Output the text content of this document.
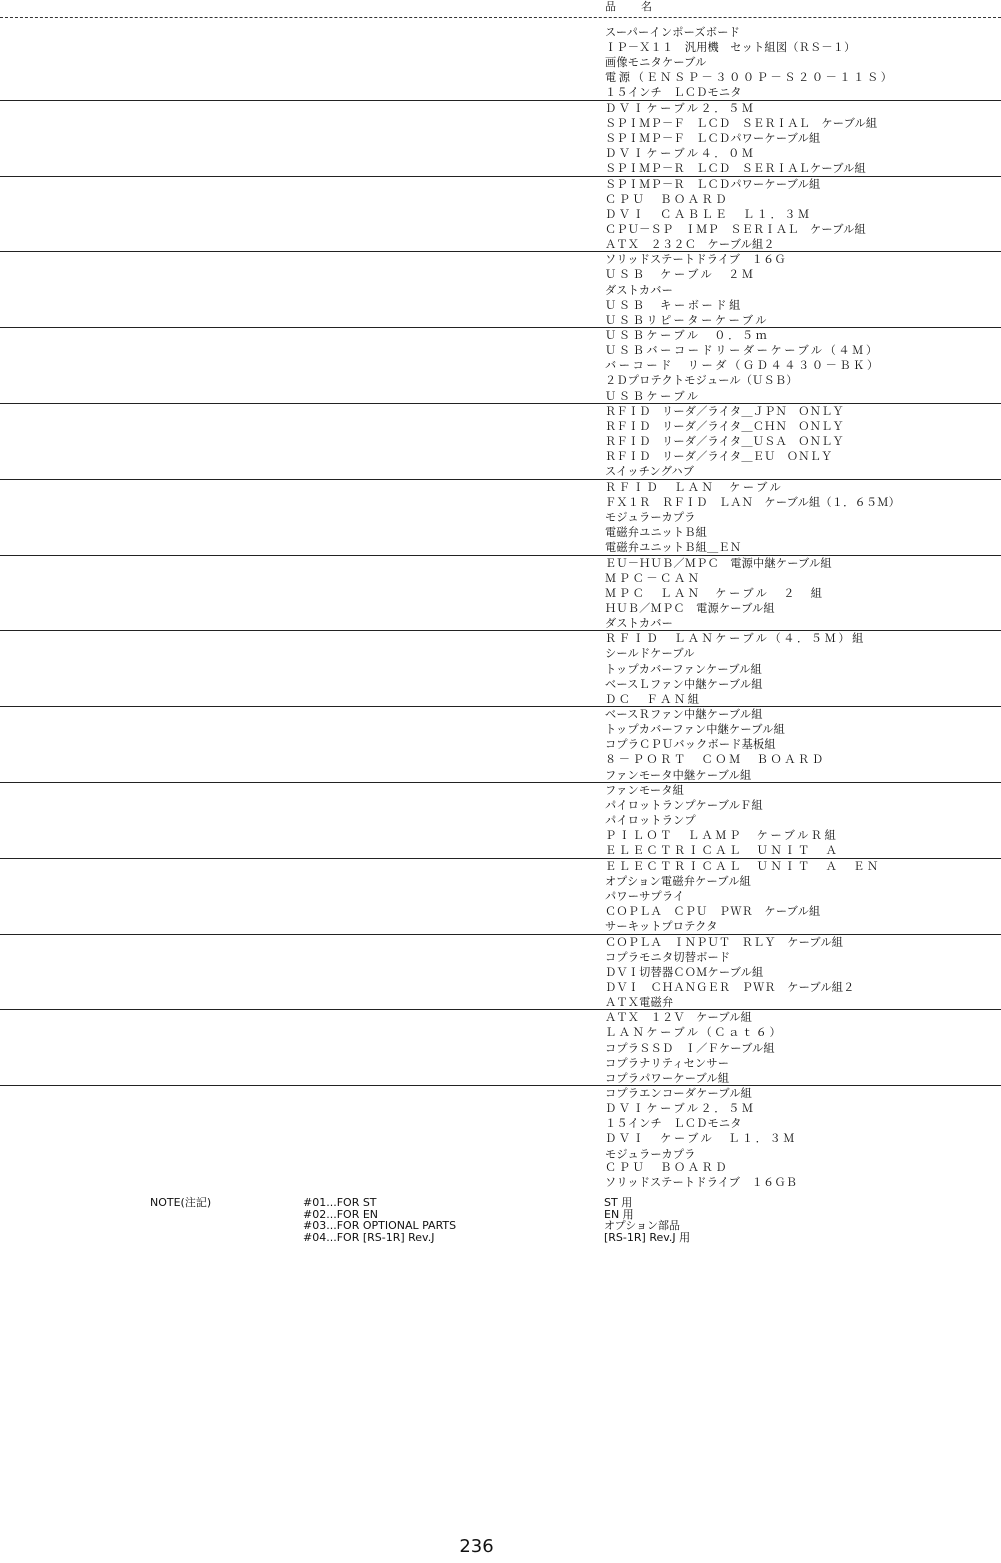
品　名
スーパーインポーズボード
ＩＰ－Ｘ１１　汎用機　セット組図（ＲＳ－１）
画像モニタケーブル
電源（ＥＮＳＰ－３００Ｐ－Ｓ２０－１１Ｓ）
１５インチ　ＬＣＤモニタ
ＤＶＩケーブル２．５Ｍ
ＳＰＩＭＰ－Ｆ　ＬＣＤ　ＳＥＲＩＡＬ　ケーブル組
ＳＰＩＭＰ－Ｆ　ＬＣＤパワーケーブル組
ＤＶＩケーブル４．０Ｍ
ＳＰＩＭＰ－Ｒ　ＬＣＤ　ＳＥＲＩＡＬケーブル組
ＳＰＩＭＰ－Ｒ　ＬＣＤパワーケーブル組
ＣＰＵ　ＢＯＡＲＤ
ＤＶＩ　ＣＡＢＬＥ　Ｌ１．３Ｍ
ＣＰＵ－ＳＰ　ＩＭＰ　ＳＥＲＩＡＬ　ケーブル組
ＡＴＸ　２３２Ｃ　ケーブル組２
ソリッドステートドライブ　１６Ｇ
ＵＳＢ　ケーブル　２Ｍ
ダストカバー
ＵＳＢ　キーボード組
ＵＳＢリピーターケーブル
ＵＳＢケーブル　０．５ｍ
ＵＳＢバーコードリーダーケーブル（４Ｍ）
バーコード　リーダ（ＧＤ４４３０－ＢＫ）
２Ｄプロテクトモジュール（ＵＳＢ）
ＵＳＢケーブル
ＲＦＩＤ　リーダ／ライタ＿ＪＰＮ　ＯＮＬＹ
ＲＦＩＤ　リーダ／ライタ＿ＣＨＮ　ＯＮＬＹ
ＲＦＩＤ　リーダ／ライタ＿ＵＳＡ　ＯＮＬＹ
ＲＦＩＤ　リーダ／ライタ＿ＥＵ　ＯＮＬＹ
スイッチングハブ
ＲＦＩＤ　ＬＡＮ　ケーブル
ＦＸ１Ｒ　ＲＦＩＤ　ＬＡＮ　ケーブル組（１．６５Ｍ）
モジュラーカプラ
電磁弁ユニットＢ組
電磁弁ユニットＢ組＿ＥＮ
ＥＵ－ＨＵＢ／ＭＰＣ　電源中継ケーブル組
ＭＰＣ－ＣＡＮ
ＭＰＣ　ＬＡＮ　ケーブル　２　組
ＨＵＢ／ＭＰＣ　電源ケーブル組
ダストカバー
ＲＦＩＤ　ＬＡＮケーブル（４．５Ｍ）組
シールドケーブル
トップカバーファンケーブル組
ベースＬファン中継ケーブル組
ＤＣ　ＦＡＮ組
ベースＲファン中継ケーブル組
トップカバーファン中継ケーブル組
コプラＣＰＵバックボード基板組
８－ＰＯＲＴ　ＣＯＭ　ＢＯＡＲＤ
ファンモータ中継ケーブル組
ファンモータ組
パイロットランプケーブルＦ組
パイロットランプ
ＰＩＬＯＴ　ＬＡＭＰ　ケーブルＲ組
ＥＬＥＣＴＲＩＣＡＬ　ＵＮＩＴ　Ａ
ＥＬＥＣＴＲＩＣＡＬ　ＵＮＩＴ　Ａ　ＥＮ
オプション電磁弁ケーブル組
パワーサプライ
ＣＯＰＬＡ　ＣＰＵ　ＰＷＲ　ケーブル組
サーキットプロテクタ
ＣＯＰＬＡ　ＩＮＰＵＴ　ＲＬＹ　ケーブル組
コプラモニタ切替ボード
ＤＶＩ切替器ＣＯＭケーブル組
ＤＶＩ　ＣＨＡＮＧＥＲ　ＰＷＲ　ケーブル組２
ＡＴＸ電磁弁
ＡＴＸ　１２Ｖ　ケーブル組
ＬＡＮケーブル（Ｃａｔ６）
コプラＳＳＤ　Ｉ／Ｆケーブル組
コプラナリティセンサー
コプラパワーケーブル組
コプラエンコーダケーブル組
ＤＶＩケーブル２．５Ｍ
１５インチ　ＬＣＤモニタ
ＤＶＩ　ケーブル　Ｌ１．３Ｍ
モジュラーカプラ
ＣＰＵ　ＢＯＡＲＤ
ソリッドステートドライブ　１６ＧＢ
NOTE(注記)	#01...FOR ST
#02...FOR EN
#03...FOR OPTIONAL PARTS
#04...FOR [RS-1R] Rev.J
ST 用
EN 用
オプション部品
[RS-1R] Rev.J 用
236
